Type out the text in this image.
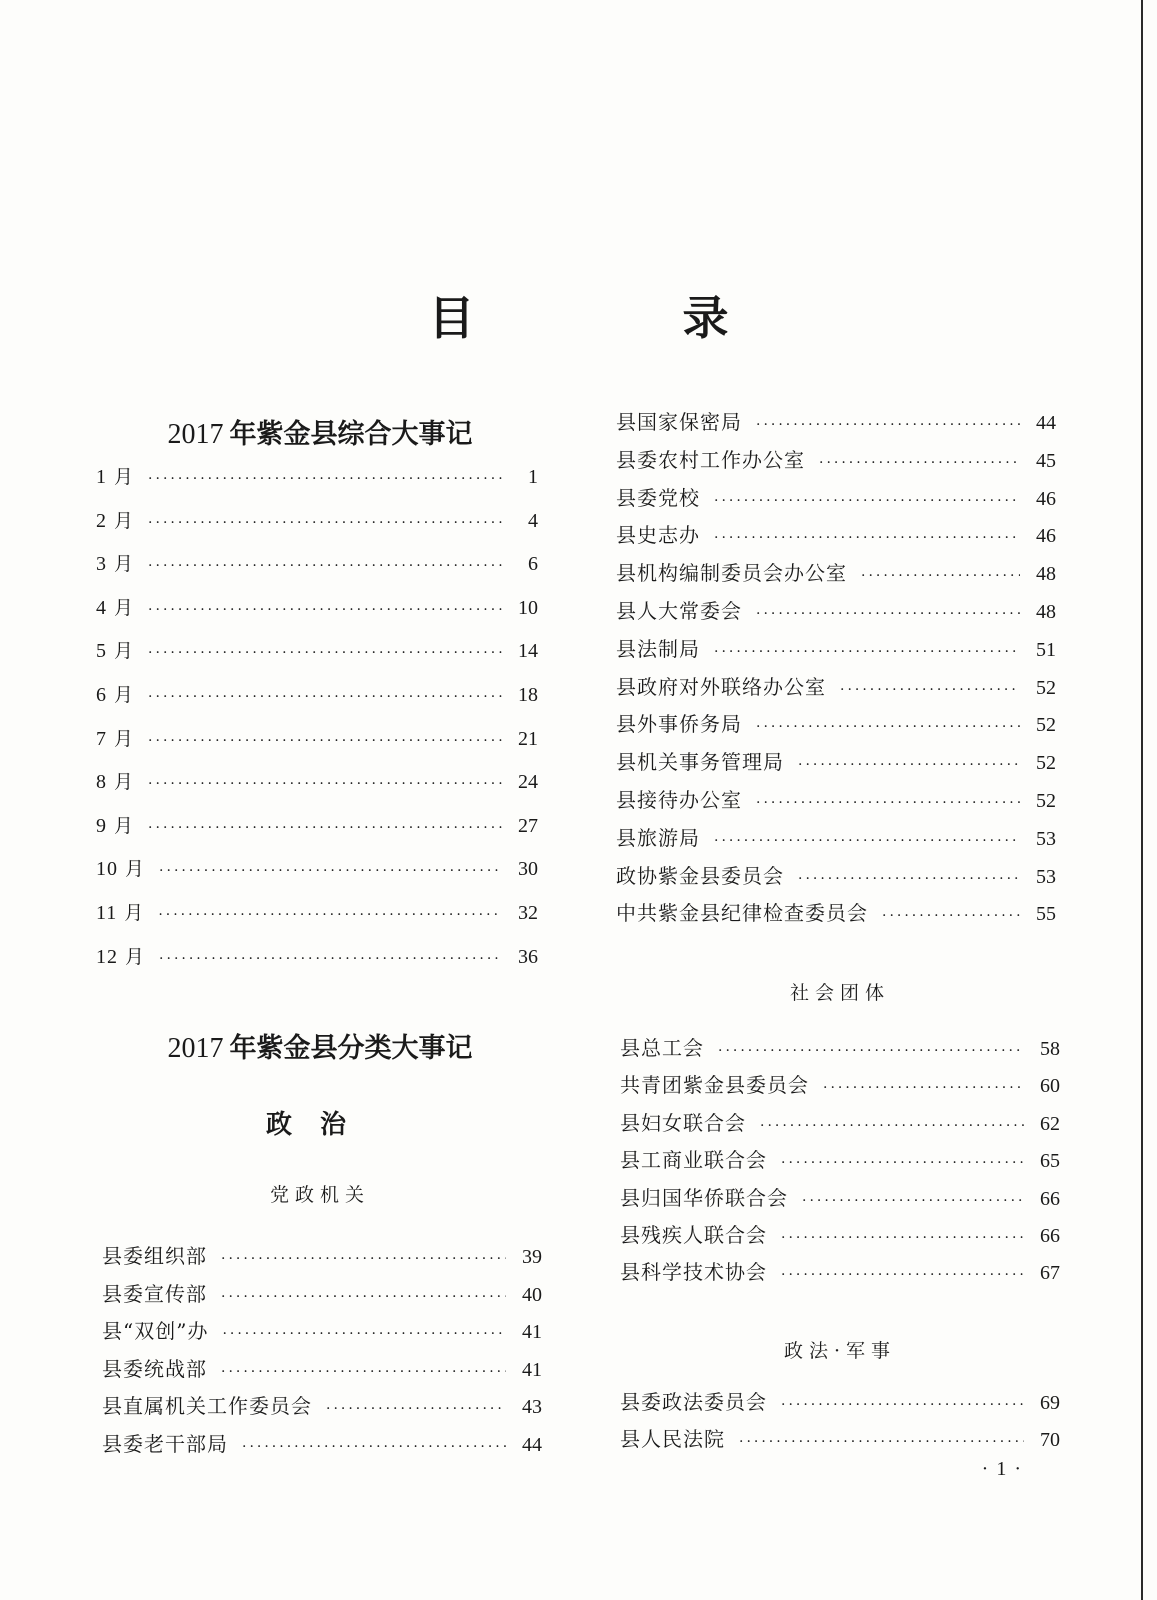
目 录
2017 年紫金县综合大事记
1 月 ·····	1
2 月 ·····	4
3 月 ·····	6
4 月 ·····	10
5 月 ·····	14
6 月 ·····	18
7 月 ·····	21
8 月 ·····	24
9 月 ·····	27
10 月 ·····	30
11 月 ·····	32
12 月 ·····	36
2017 年紫金县分类大事记
政治
党政机关
县委组织部 ·····	39
县委宣传部 ·····	40
县“双创”办 ·····	41
县委统战部 ·····	41
县直属机关工作委员会 ·····	43
县委老干部局 ·····	44
县国家保密局 ·····	44
县委农村工作办公室 ·····	45
县委党校 ·····	46
县史志办 ·····	46
县机构编制委员会办公室 ·····	48
县人大常委会 ·····	48
县法制局 ·····	51
县政府对外联络办公室 ·····	52
县外事侨务局 ·····	52
县机关事务管理局 ·····	52
县接待办公室 ·····	52
县旅游局 ·····	53
政协紫金县委员会 ·····	53
中共紫金县纪律检查委员会 ·····	55
社会团体
县总工会 ·····	58
共青团紫金县委员会 ·····	60
县妇女联合会 ·····	62
县工商业联合会 ·····	65
县归国华侨联合会 ·····	66
县残疾人联合会 ·····	66
县科学技术协会 ·····	67
政法·军事
县委政法委员会 ·····	69
县人民法院 ·····	70
·1·
